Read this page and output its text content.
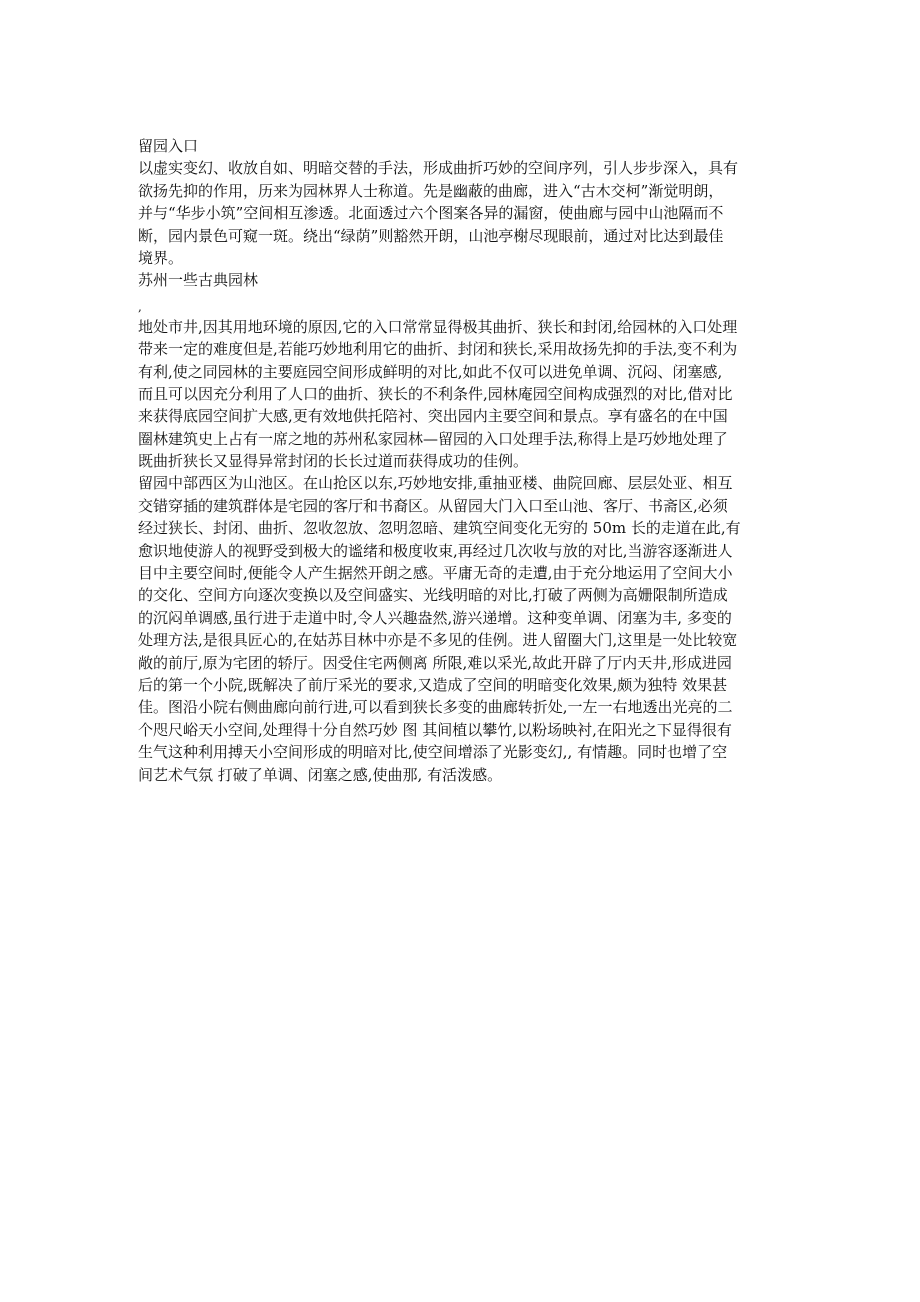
留园入口
以虚实变幻、收放自如、明暗交替的手法，形成曲折巧妙的空间序列，引人步步深入，具有
欲扬先抑的作用，历来为园林界人士称道。先是幽蔽的曲廊，进入“古木交柯”渐觉明朗，
并与“华步小筑”空间相互渗透。北面透过六个图案各异的漏窗，使曲廊与园中山池隔而不
断，园内景色可窥一斑。绕出“绿荫”则豁然开朗，山池亭榭尽现眼前，通过对比达到最佳
境界。
苏州一些古典园林
,
地处市井,因其用地环境的原因,它的入口常常显得极其曲折、狭长和封闭,给园林的入口处理
带来一定的难度但是,若能巧妙地利用它的曲折、封闭和狭长,采用故扬先抑的手法,变不利为
有利,使之同园林的主要庭园空间形成鲜明的对比,如此不仅可以进免单调、沉闷、闭塞感,
而且可以因充分利用了人口的曲折、狭长的不利条件,园林庵园空间构成强烈的对比,借对比
来获得底园空间扩大感,更有效地供托陪衬、突出园内主要空间和景点。享有盛名的在中国
圈林建筑史上占有一席之地的苏州私家园林—留园的入口处理手法,称得上是巧妙地处理了
既曲折狭长又显得异常封闭的长长过道而获得成功的佳例。
留园中部西区为山池区。在山抢区以东,巧妙地安排,重抽亚楼、曲院回廊、层层处亚、相互
交错穿插的建筑群体是宅园的客厅和书裔区。从留园大门入口至山池、客厅、书斋区,必须
经过狭长、封闭、曲折、忽收忽放、忽明忽暗、建筑空间变化无穷的 50m 长的走道在此,有
愈识地使游人的视野受到极大的谧绪和极度收束,再经过几次收与放的对比,当游容逐渐进人
目中主要空间时,便能令人产生据然开朗之感。平庸无奇的走遭,由于充分地运用了空间大小
的交化、空间方向逐次变换以及空间盛实、光线明暗的对比,打破了两侧为高姗限制所造成
的沉闷单调感,虽行进于走道中时,令人兴趣盎然,游兴递增。这种变单调、闭塞为丰, 多变的
处理方法,是很具匠心的,在姑苏目林中亦是不多见的佳例。进人留圈大门,这里是一处比较宽
敞的前厅,原为宅团的轿厅。因受住宅两侧离 所限,难以采光,故此开辟了厅内天井,形成进园
后的第一个小院,既解决了前厅采光的要求,又造成了空间的明暗变化效果,颇为独特 效果甚
佳。图沿小院右侧曲廊向前行进,可以看到狭长多变的曲廊转折处,一左一右地透出光亮的二
个咫尺峪天小空间,处理得十分自然巧妙 图 其间植以攀竹,以粉场映衬,在阳光之下显得很有
生气这种利用搏天小空间形成的明暗对比,使空间增添了光影变幻,, 有情趣。同时也增了空
间艺术气氛 打破了单调、闭塞之感,使曲那, 有活泼感。
